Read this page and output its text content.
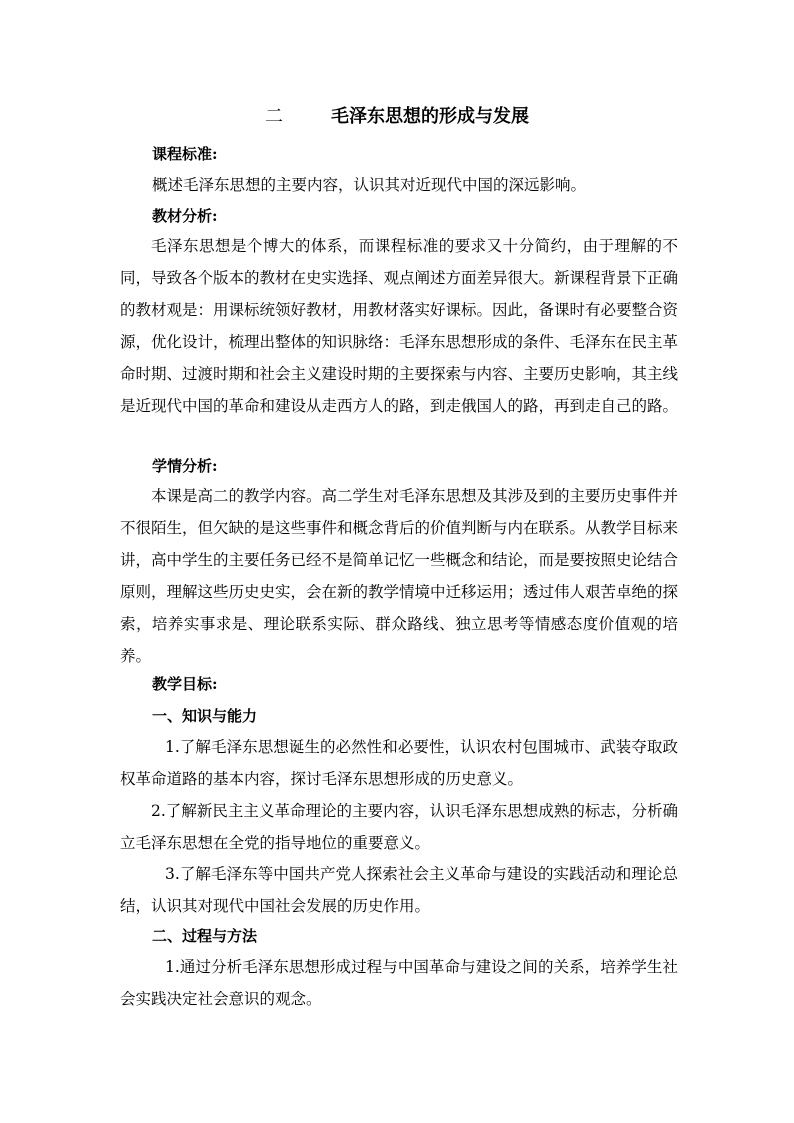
二	毛泽东思想的形成与发展
课程标准:
概述毛泽东思想的主要内容，认识其对近现代中国的深远影响。
教材分析:

毛泽东思想是个博大的体系，而课程标准的要求又十分简约，由于理解的不同，导致各个版本的教材在史实选择、观点阐述方面差异很大。新课程背景下正确的教材观是：用课标统领好教材，用教材落实好课标。因此，备课时有必要整合资源，优化设计，梳理出整体的知识脉络：毛泽东思想形成的条件、毛泽东在民主革命时期、过渡时期和社会主义建设时期的主要探索与内容、主要历史影响，其主线是近现代中国的革命和建设从走西方人的路，到走俄国人的路，再到走自己的路。

学情分析:

本课是高二的教学内容。高二学生对毛泽东思想及其涉及到的主要历史事件并不很陌生，但欠缺的是这些事件和概念背后的价值判断与内在联系。从教学目标来讲，高中学生的主要任务已经不是简单记忆一些概念和结论，而是要按照史论结合原则，理解这些历史史实，会在新的教学情境中迁移运用；透过伟人艰苦卓绝的探索，培养实事求是、理论联系实际、群众路线、独立思考等情感态度价值观的培养。

教学目标:
一、知识与能力

1.了解毛泽东思想诞生的必然性和必要性，认识农村包围城市、武装夺取政权革命道路的基本内容，探讨毛泽东思想形成的历史意义。

2.了解新民主主义革命理论的主要内容，认识毛泽东思想成熟的标志，分析确立毛泽东思想在全党的指导地位的重要意义。

3.了解毛泽东等中国共产党人探索社会主义革命与建设的实践活动和理论总结，认识其对现代中国社会发展的历史作用。

二、过程与方法

1.通过分析毛泽东思想形成过程与中国革命与建设之间的关系，培养学生社会实践决定社会意识的观念。
